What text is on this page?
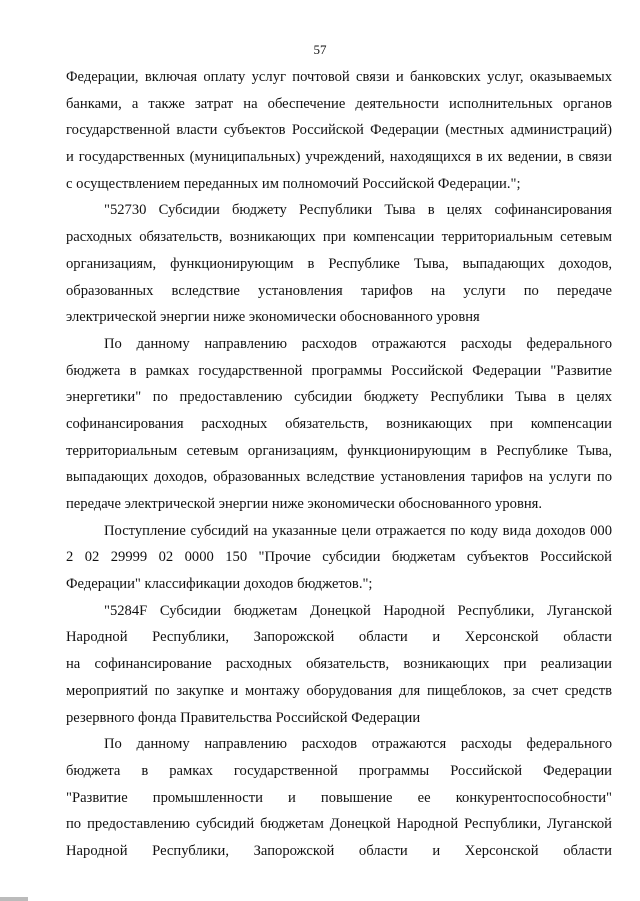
57
Федерации, включая оплату услуг почтовой связи и банковских услуг, оказываемых
банками, а также затрат на обеспечение деятельности исполнительных органов
государственной власти субъектов Российской Федерации (местных администраций)
и государственных (муниципальных) учреждений, находящихся в их ведении, в связи
с осуществлением переданных им полномочий Российской Федерации.";
"52730 Субсидии бюджету Республики Тыва в целях софинансирования
расходных обязательств, возникающих при компенсации территориальным сетевым
организациям, функционирующим в Республике Тыва, выпадающих доходов,
образованных вследствие установления тарифов на услуги по передаче
электрической энергии ниже экономически обоснованного уровня
По данному направлению расходов отражаются расходы федерального
бюджета в рамках государственной программы Российской Федерации "Развитие
энергетики" по предоставлению субсидии бюджету Республики Тыва в целях
софинансирования расходных обязательств, возникающих при компенсации
территориальным сетевым организациям, функционирующим в Республике Тыва,
выпадающих доходов, образованных вследствие установления тарифов на услуги по
передаче электрической энергии ниже экономически обоснованного уровня.
Поступление субсидий на указанные цели отражается по коду вида доходов 000
2 02 29999 02 0000 150 "Прочие субсидии бюджетам субъектов Российской
Федерации" классификации доходов бюджетов.";
"5284F Субсидии бюджетам Донецкой Народной Республики, Луганской
Народной Республики, Запорожской области и Херсонской области
на софинансирование расходных обязательств, возникающих при реализации
мероприятий по закупке и монтажу оборудования для пищеблоков, за счет средств
резервного фонда Правительства Российской Федерации
По данному направлению расходов отражаются расходы федерального
бюджета в рамках государственной программы Российской Федерации
"Развитие промышленности и повышение ее конкурентоспособности"
по предоставлению субсидий бюджетам Донецкой Народной Республики, Луганской
Народной Республики, Запорожской области и Херсонской области
